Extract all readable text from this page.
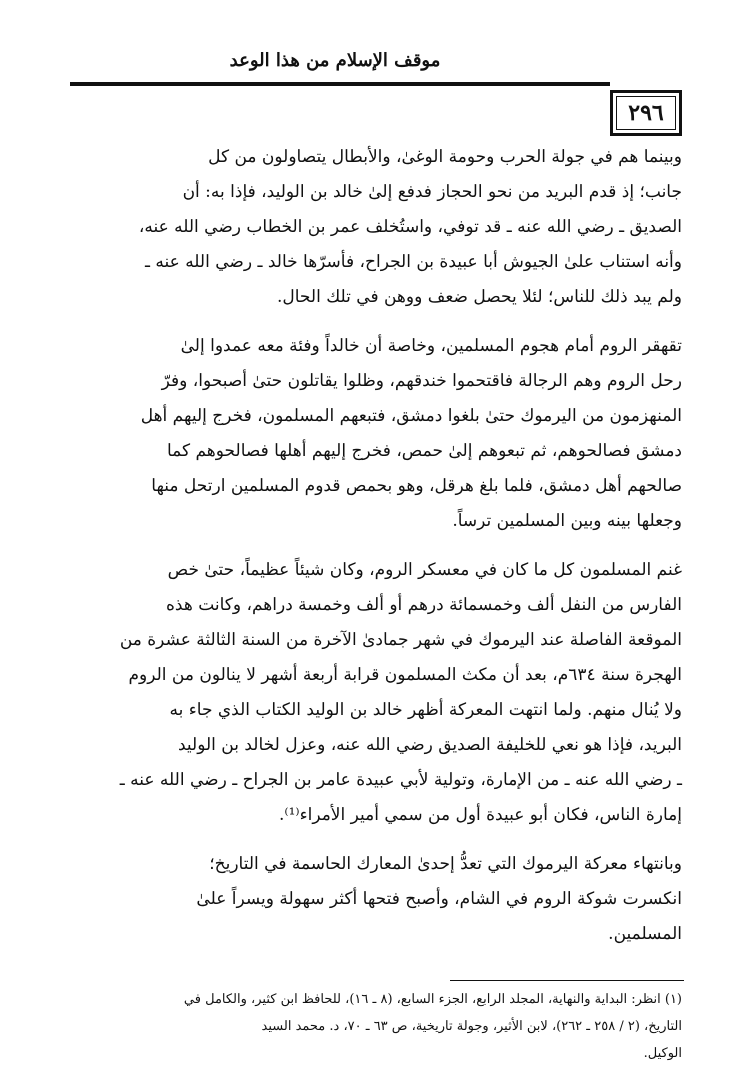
موقف الإسلام من هذا الوعد
٢٩٦

وبينما هم في جولة الحرب وحومة الوغىٰ، والأبطال يتصاولون من كل

جانب؛ إذ قدم البريد من نحو الحجاز فدفع إلىٰ خالد بن الوليد، فإذا به: أن

الصديق ـ رضي الله عنه ـ قد توفي، واستُخلف عمر بن الخطاب رضي الله عنه،

وأنه استناب علىٰ الجيوش أبا عبيدة بن الجراح، فأسرّها خالد ـ رضي الله عنه ـ

ولم يبد ذلك للناس؛ لئلا يحصل ضعف ووهن في تلك الحال.

تقهقر الروم أمام هجوم المسلمين، وخاصة أن خالداً وفئة معه عمدوا إلىٰ

رحل الروم وهم الرجالة فاقتحموا خندقهم، وظلوا يقاتلون حتىٰ أصبحوا، وفرّ

المنهزمون من اليرموك حتىٰ بلغوا دمشق، فتبعهم المسلمون، فخرج إليهم أهل

دمشق فصالحوهم، ثم تبعوهم إلىٰ حمص، فخرج إليهم أهلها فصالحوهم كما

صالحهم أهل دمشق، فلما بلغ هرقل، وهو بحمص قدوم المسلمين ارتحل منها

وجعلها بينه وبين المسلمين ترساً.

غنم المسلمون كل ما كان في معسكر الروم، وكان شيئاً عظيماً، حتىٰ خص

الفارس من النفل ألف وخمسمائة درهم أو ألف وخمسة دراهم، وكانت هذه

الموقعة الفاصلة عند اليرموك في شهر جمادىٰ الآخرة من السنة الثالثة عشرة من

الهجرة سنة ٦٣٤م، بعد أن مكث المسلمون قرابة أربعة أشهر لا ينالون من الروم

ولا يُنال منهم. ولما انتهت المعركة أظهر خالد بن الوليد الكتاب الذي جاء به

البريد، فإذا هو نعي للخليفة الصديق رضي الله عنه، وعزل لخالد بن الوليد

ـ رضي الله عنه ـ من الإمارة، وتولية لأبي عبيدة عامر بن الجراح ـ رضي الله عنه ـ

إمارة الناس، فكان أبو عبيدة أول من سمي أمير الأمراء⁽¹⁾.

وبانتهاء معركة اليرموك التي تعدُّ إحدىٰ المعارك الحاسمة في التاريخ؛

انكسرت شوكة الروم في الشام، وأصبح فتحها أكثر سهولة ويسراً علىٰ

المسلمين.

(١) انظر: البداية والنهاية، المجلد الرابع، الجزء السابع، (٨ ـ ١٦)، للحافظ ابن كثير، والكامل في

التاريخ، (٢ / ٢٥٨ ـ ٢٦٢)، لابن الأثير، وجولة تاريخية، ص ٦٣ ـ ٧٠، د. محمد السيد

الوكيل.
